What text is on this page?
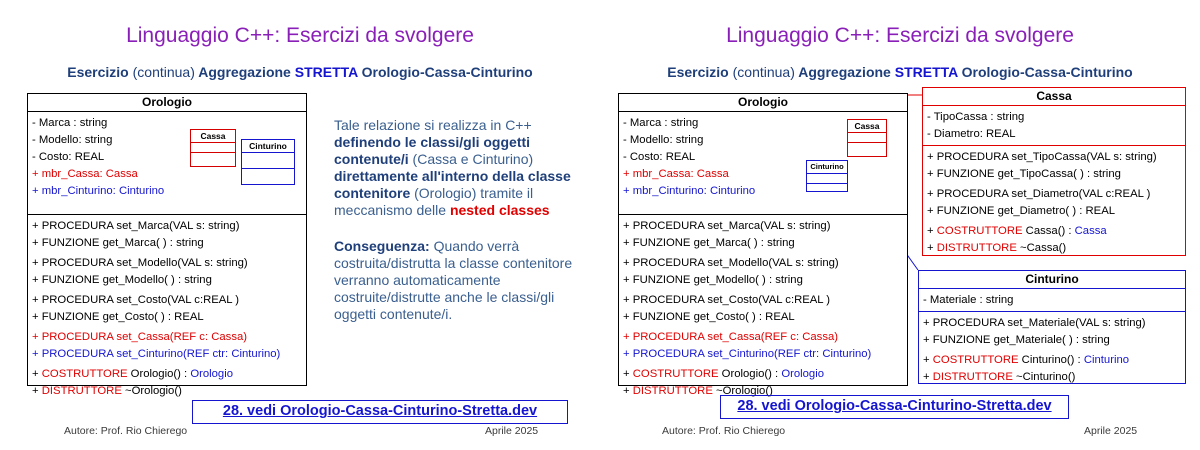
Linguaggio C++: Esercizi da svolgere
Esercizio (continua) Aggregazione STRETTA Orologio-Cassa-Cinturino
Orologio
- Marca : string
- Modello: string
- Costo: REAL
+ mbr_Cassa: Cassa
+ mbr_Cinturino: Cinturino
+ PROCEDURA set_Marca(VAL s: string)
+ FUNZIONE get_Marca( ) : string
+ PROCEDURA set_Modello(VAL s: string)
+ FUNZIONE get_Modello( ) : string
+ PROCEDURA set_Costo(VAL c:REAL )
+ FUNZIONE get_Costo( ) : REAL
+ PROCEDURA set_Cassa(REF c: Cassa)
+ PROCEDURA set_Cinturino(REF ctr: Cinturino)
+ COSTRUTTORE Orologio() : Orologio
+ DISTRUTTORE ~Orologio()
Cassa
Cinturino

Tale relazione si realizza in C++ definendo le classi/gli oggetti contenute/i (Cassa e Cinturino) direttamente all'interno della classe contenitore (Orologio) tramite il meccanismo delle nested classes

Conseguenza: Quando verrà costruita/distrutta la classe contenitore verranno automaticamente costruite/distrutte anche le classi/gli oggetti contenute/i.

28. vedi Orologio-Cassa-Cinturino-Stretta.dev
Autore: Prof. Rio Chierego	Aprile 2025
Linguaggio C++: Esercizi da svolgere
Esercizio (continua) Aggregazione STRETTA Orologio-Cassa-Cinturino
Orologio
- Marca : string
- Modello: string
- Costo: REAL
+ mbr_Cassa: Cassa
+ mbr_Cinturino: Cinturino
+ PROCEDURA set_Marca(VAL s: string)
+ FUNZIONE get_Marca( ) : string
+ PROCEDURA set_Modello(VAL s: string)
+ FUNZIONE get_Modello( ) : string
+ PROCEDURA set_Costo(VAL c:REAL )
+ FUNZIONE get_Costo( ) : REAL
+ PROCEDURA set_Cassa(REF c: Cassa)
+ PROCEDURA set_Cinturino(REF ctr: Cinturino)
+ COSTRUTTORE Orologio() : Orologio
+ DISTRUTTORE ~Orologio()
Cassa
Cinturino
Cassa
- TipoCassa : string
- Diametro: REAL
+ PROCEDURA set_TipoCassa(VAL s: string)
+ FUNZIONE get_TipoCassa( ) : string
+ PROCEDURA set_Diametro(VAL c:REAL )
+ FUNZIONE get_Diametro( ) : REAL
+ COSTRUTTORE Cassa() : Cassa
+ DISTRUTTORE ~Cassa()
Cinturino
- Materiale : string
+ PROCEDURA set_Materiale(VAL s: string)
+ FUNZIONE get_Materiale( ) : string
+ COSTRUTTORE Cinturino() : Cinturino
+ DISTRUTTORE ~Cinturino()
28. vedi Orologio-Cassa-Cinturino-Stretta.dev
Autore: Prof. Rio Chierego	Aprile 2025
